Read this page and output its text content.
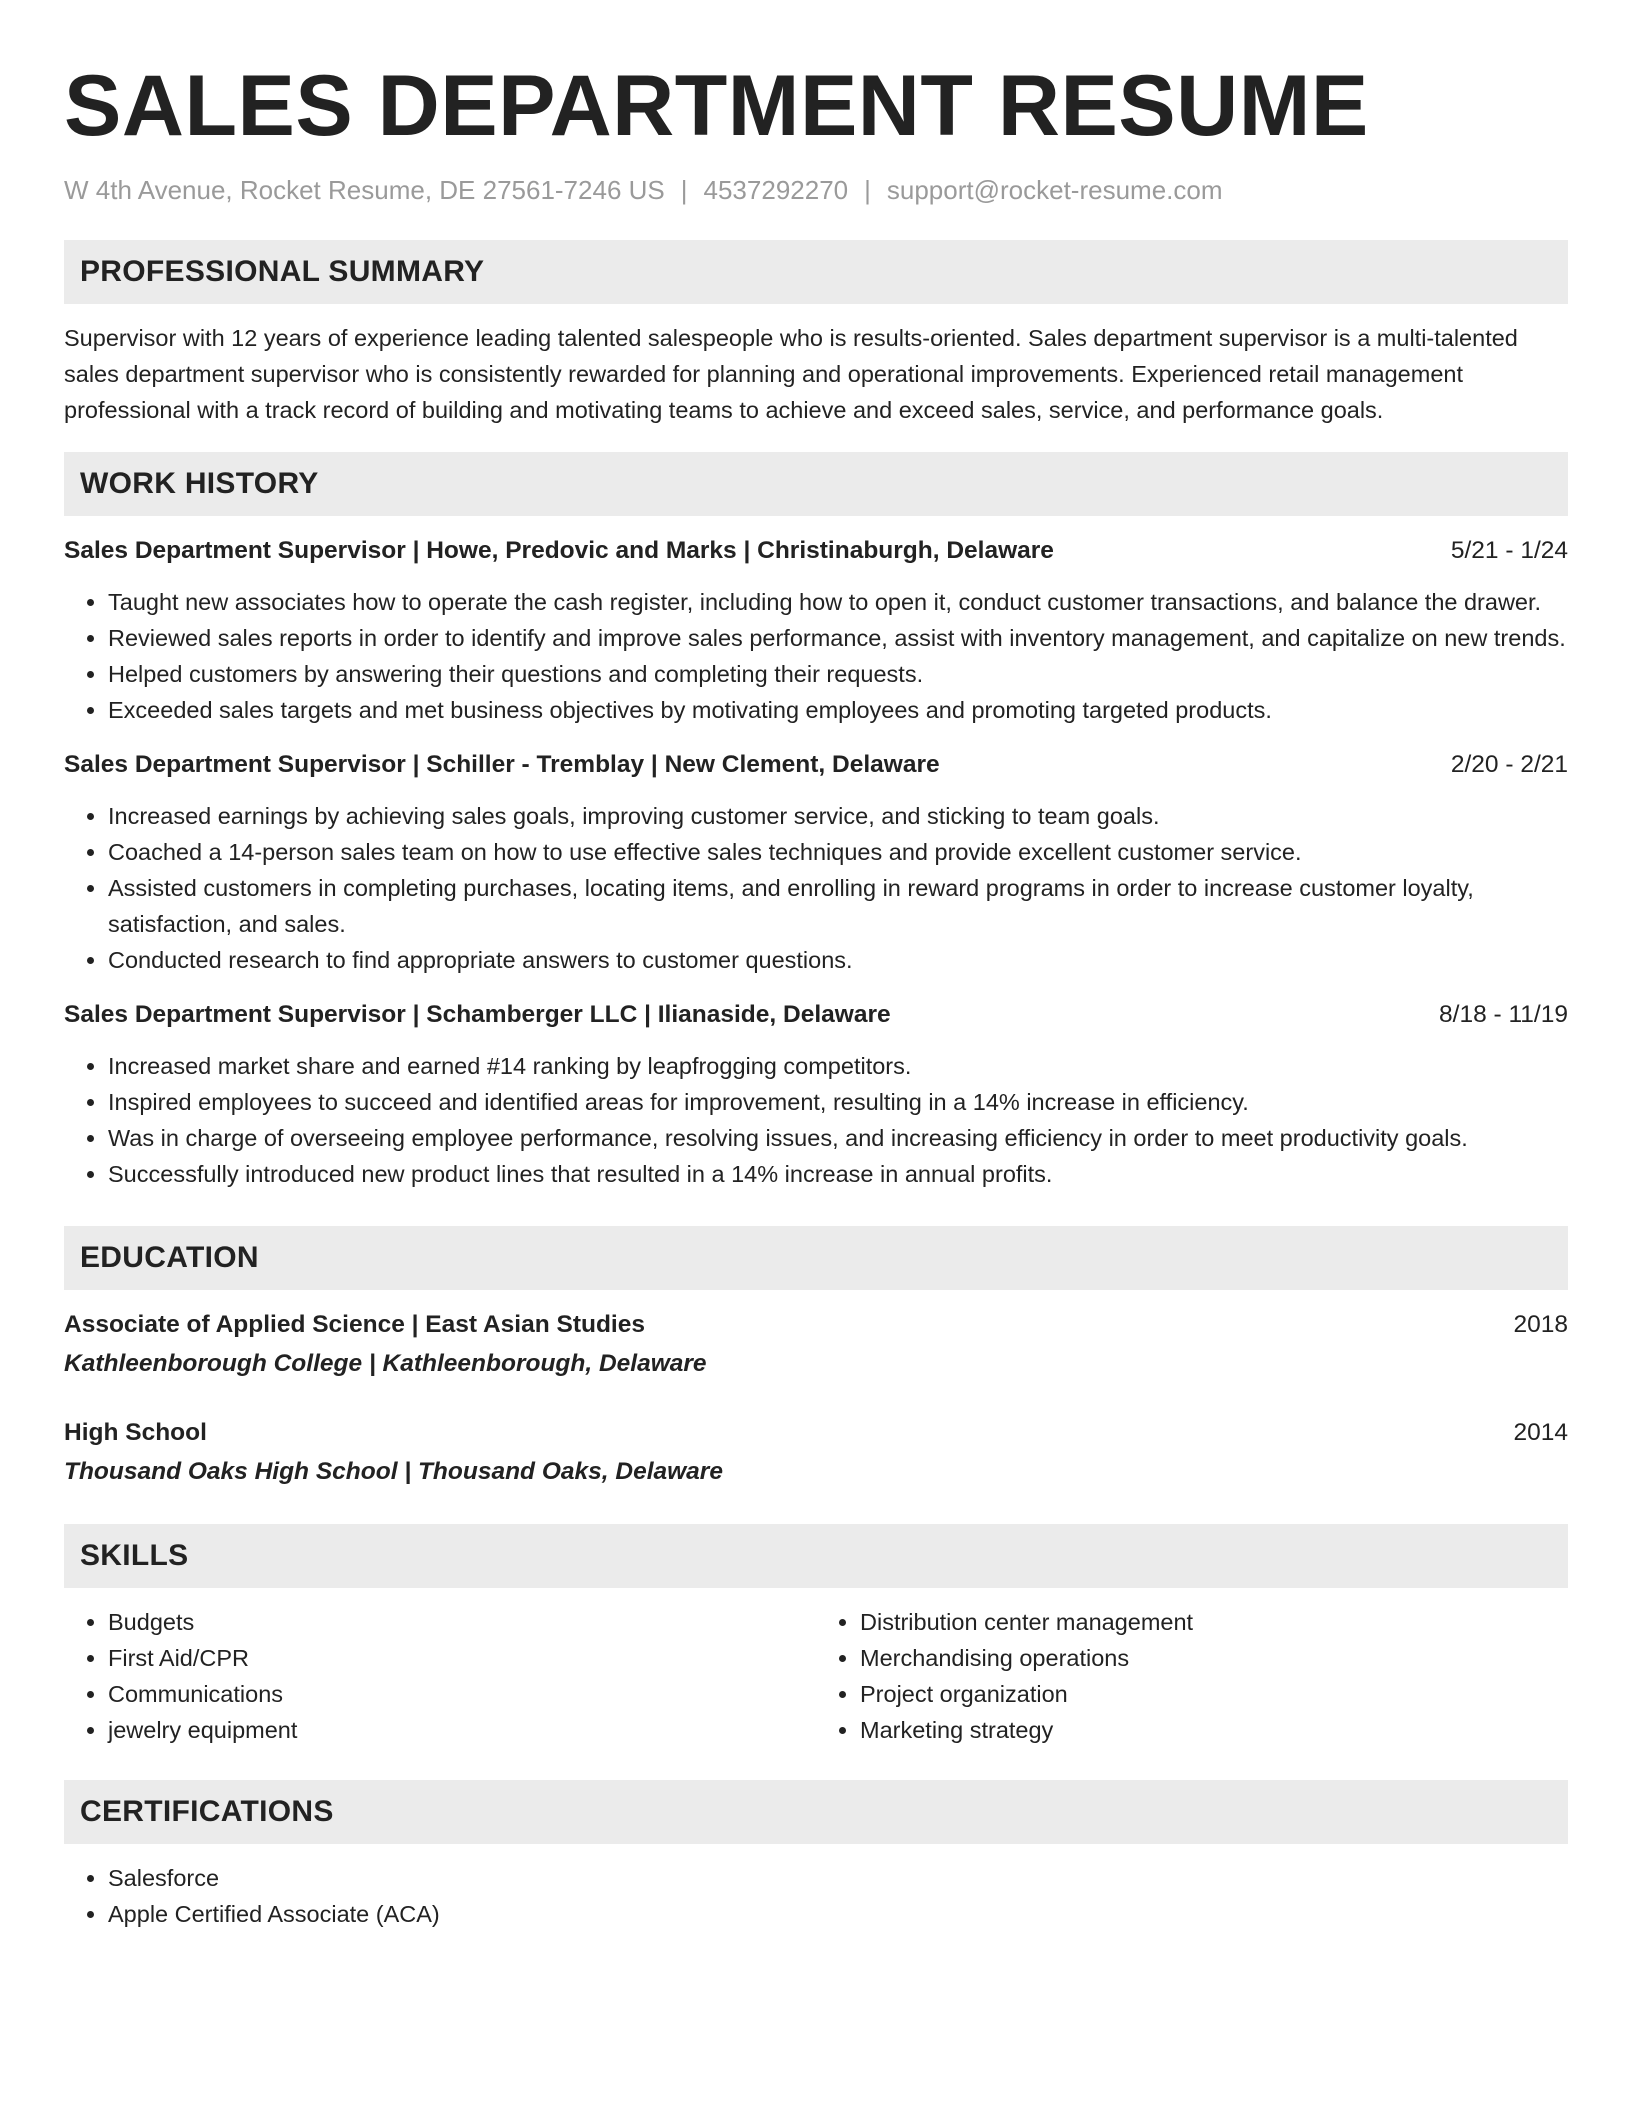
SALES DEPARTMENT RESUME
W 4th Avenue, Rocket Resume, DE 27561-7246 US | 4537292270 | support@rocket-resume.com
PROFESSIONAL SUMMARY
Supervisor with 12 years of experience leading talented salespeople who is results-oriented. Sales department supervisor is a multi-talented sales department supervisor who is consistently rewarded for planning and operational improvements. Experienced retail management professional with a track record of building and motivating teams to achieve and exceed sales, service, and performance goals.
WORK HISTORY
Sales Department Supervisor | Howe, Predovic and Marks | Christinaburgh, Delaware	5/21 - 1/24
• Taught new associates how to operate the cash register, including how to open it, conduct customer transactions, and balance the drawer.
• Reviewed sales reports in order to identify and improve sales performance, assist with inventory management, and capitalize on new trends.
• Helped customers by answering their questions and completing their requests.
• Exceeded sales targets and met business objectives by motivating employees and promoting targeted products.
Sales Department Supervisor | Schiller - Tremblay | New Clement, Delaware	2/20 - 2/21
• Increased earnings by achieving sales goals, improving customer service, and sticking to team goals.
• Coached a 14-person sales team on how to use effective sales techniques and provide excellent customer service.
• Assisted customers in completing purchases, locating items, and enrolling in reward programs in order to increase customer loyalty, satisfaction, and sales.
• Conducted research to find appropriate answers to customer questions.
Sales Department Supervisor | Schamberger LLC | Ilianaside, Delaware	8/18 - 11/19
• Increased market share and earned #14 ranking by leapfrogging competitors.
• Inspired employees to succeed and identified areas for improvement, resulting in a 14% increase in efficiency.
• Was in charge of overseeing employee performance, resolving issues, and increasing efficiency in order to meet productivity goals.
• Successfully introduced new product lines that resulted in a 14% increase in annual profits.
EDUCATION
Associate of Applied Science | East Asian Studies	2018
Kathleenborough College | Kathleenborough, Delaware
High School	2014
Thousand Oaks High School | Thousand Oaks, Delaware
SKILLS
• Budgets
• First Aid/CPR
• Communications
• jewelry equipment
• Distribution center management
• Merchandising operations
• Project organization
• Marketing strategy
CERTIFICATIONS
• Salesforce
• Apple Certified Associate (ACA)
